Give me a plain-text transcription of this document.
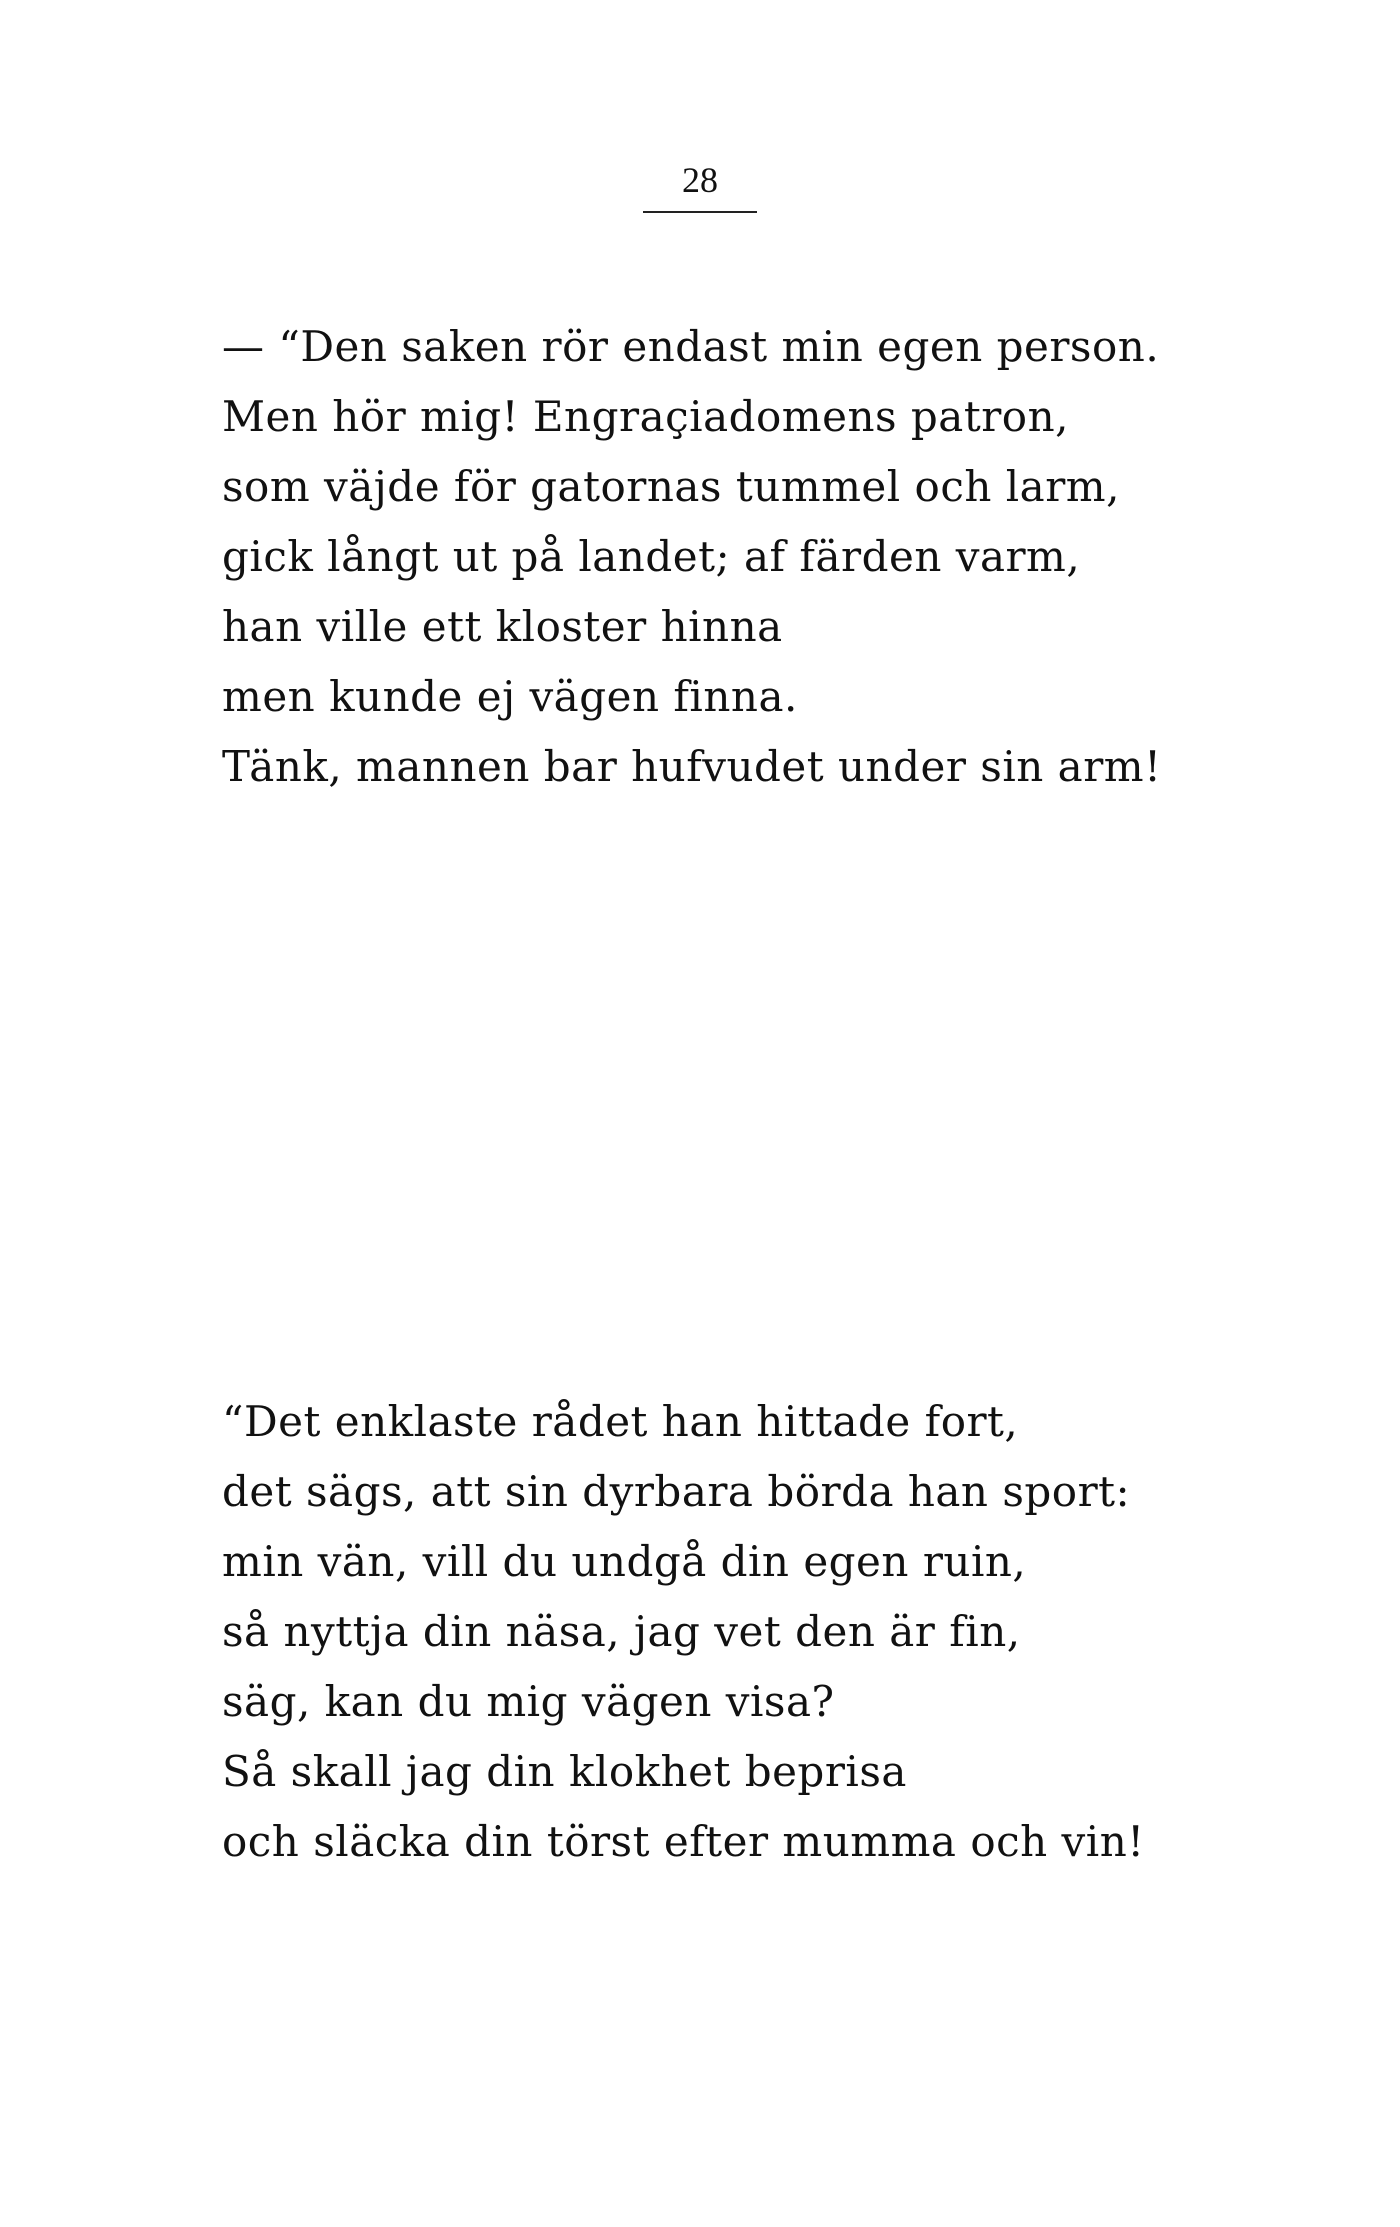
28
— “Den saken rör endast min egen person.
Men hör mig! Engraçiadomens patron,
som väjde för gatornas tummel och larm,
gick långt ut på landet; af färden varm,
han ville ett kloster hinna
men kunde ej vägen finna.
Tänk, mannen bar hufvudet under sin arm!
“Det enklaste rådet han hittade fort,
det sägs, att sin dyrbara börda han sport:
min vän, vill du undgå din egen ruin,
så nyttja din näsa, jag vet den är fin,
säg, kan du mig vägen visa?
Så skall jag din klokhet beprisa
och släcka din törst efter mumma och vin!
